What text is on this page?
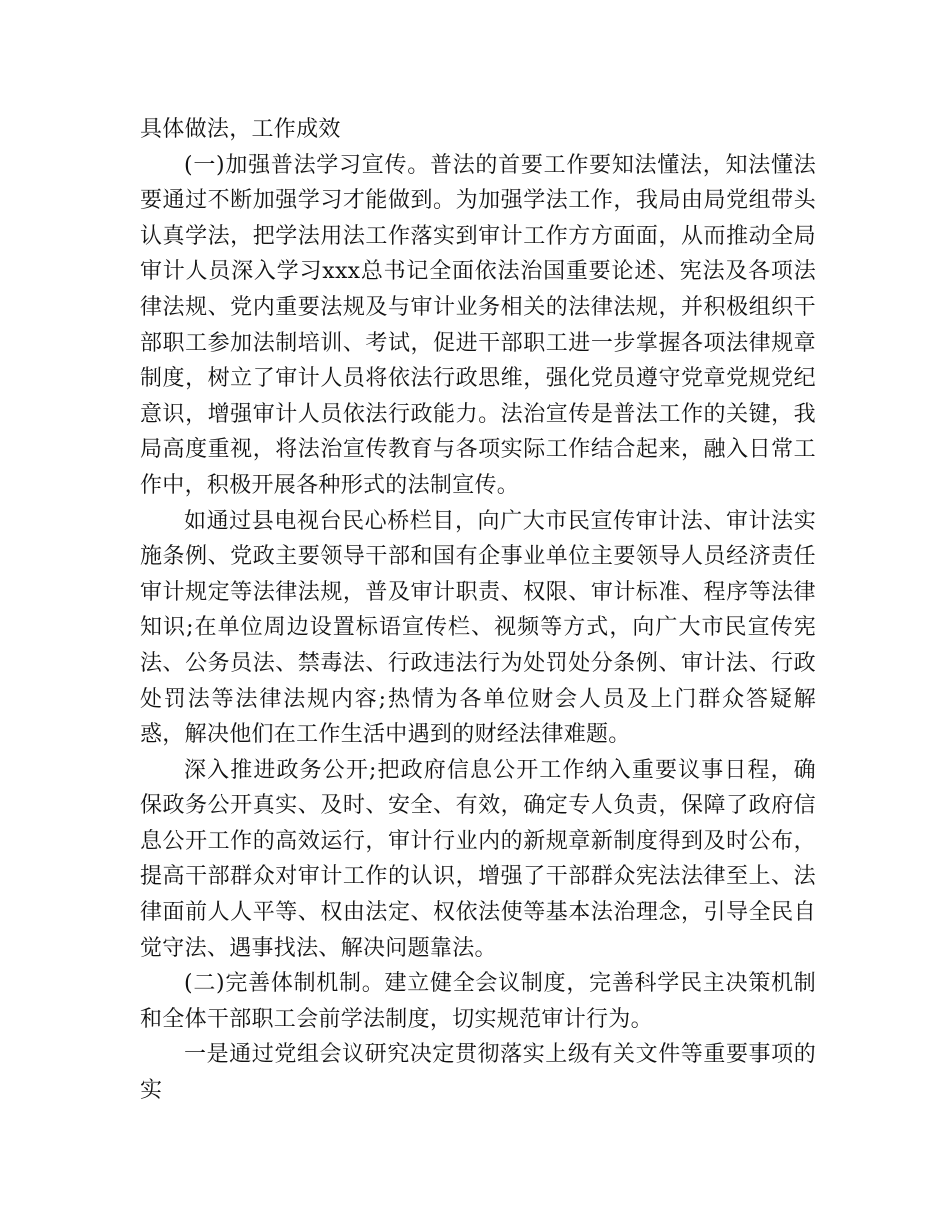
具体做法，工作成效

(一)加强普法学习宣传。普法的首要工作要知法懂法，知法懂法要通过不断加强学习才能做到。为加强学法工作，我局由局党组带头认真学法，把学法用法工作落实到审计工作方方面面，从而推动全局审计人员深入学习xxx总书记全面依法治国重要论述、宪法及各项法律法规、党内重要法规及与审计业务相关的法律法规，并积极组织干部职工参加法制培训、考试，促进干部职工进一步掌握各项法律规章制度，树立了审计人员将依法行政思维，强化党员遵守党章党规党纪意识，增强审计人员依法行政能力。法治宣传是普法工作的关键，我局高度重视，将法治宣传教育与各项实际工作结合起来，融入日常工作中，积极开展各种形式的法制宣传。

如通过县电视台民心桥栏目，向广大市民宣传审计法、审计法实施条例、党政主要领导干部和国有企事业单位主要领导人员经济责任审计规定等法律法规，普及审计职责、权限、审计标准、程序等法律知识;在单位周边设置标语宣传栏、视频等方式，向广大市民宣传宪法、公务员法、禁毒法、行政违法行为处罚处分条例、审计法、行政处罚法等法律法规内容;热情为各单位财会人员及上门群众答疑解惑，解决他们在工作生活中遇到的财经法律难题。

深入推进政务公开;把政府信息公开工作纳入重要议事日程，确保政务公开真实、及时、安全、有效，确定专人负责，保障了政府信息公开工作的高效运行，审计行业内的新规章新制度得到及时公布，提高干部群众对审计工作的认识，增强了干部群众宪法法律至上、法律面前人人平等、权由法定、权依法使等基本法治理念，引导全民自觉守法、遇事找法、解决问题靠法。

(二)完善体制机制。建立健全会议制度，完善科学民主决策机制和全体干部职工会前学法制度，切实规范审计行为。

一是通过党组会议研究决定贯彻落实上级有关文件等重要事项的实
